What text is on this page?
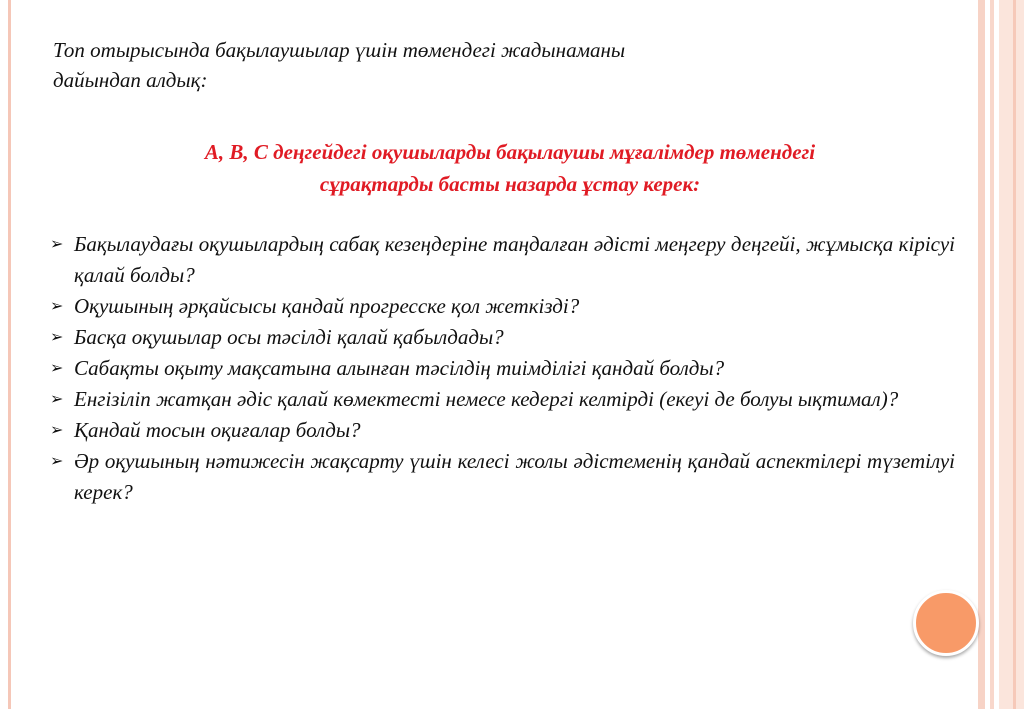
Топ отырысында бақылаушылар үшін төмендегі жадынаманы дайындап алдық:
А, В, С деңгейдегі оқушыларды бақылаушы мұғалімдер төмендегі
сұрақтарды басты назарда ұстау керек:
➢ Бақылаудағы оқушылардың сабақ кезеңдеріне таңдалған әдісті меңгеру деңгейі, жұмысқа кірісуі қалай болды?
➢ Оқушының әрқайсысы қандай прогресске қол жеткізді?
➢ Басқа оқушылар осы тәсілді қалай қабылдады?
➢ Сабақты оқыту мақсатына алынған тәсілдің тиімділігі қандай болды?
➢ Енгізіліп жатқан әдіс қалай көмектесті немесе кедергі келтірді (екеуі де болуы ықтимал)?
➢ Қандай тосын оқиғалар болды?
➢ Әр оқушының нәтижесін жақсарту үшін келесі жолы әдістеменің қандай аспектілері түзетілуі керек?
